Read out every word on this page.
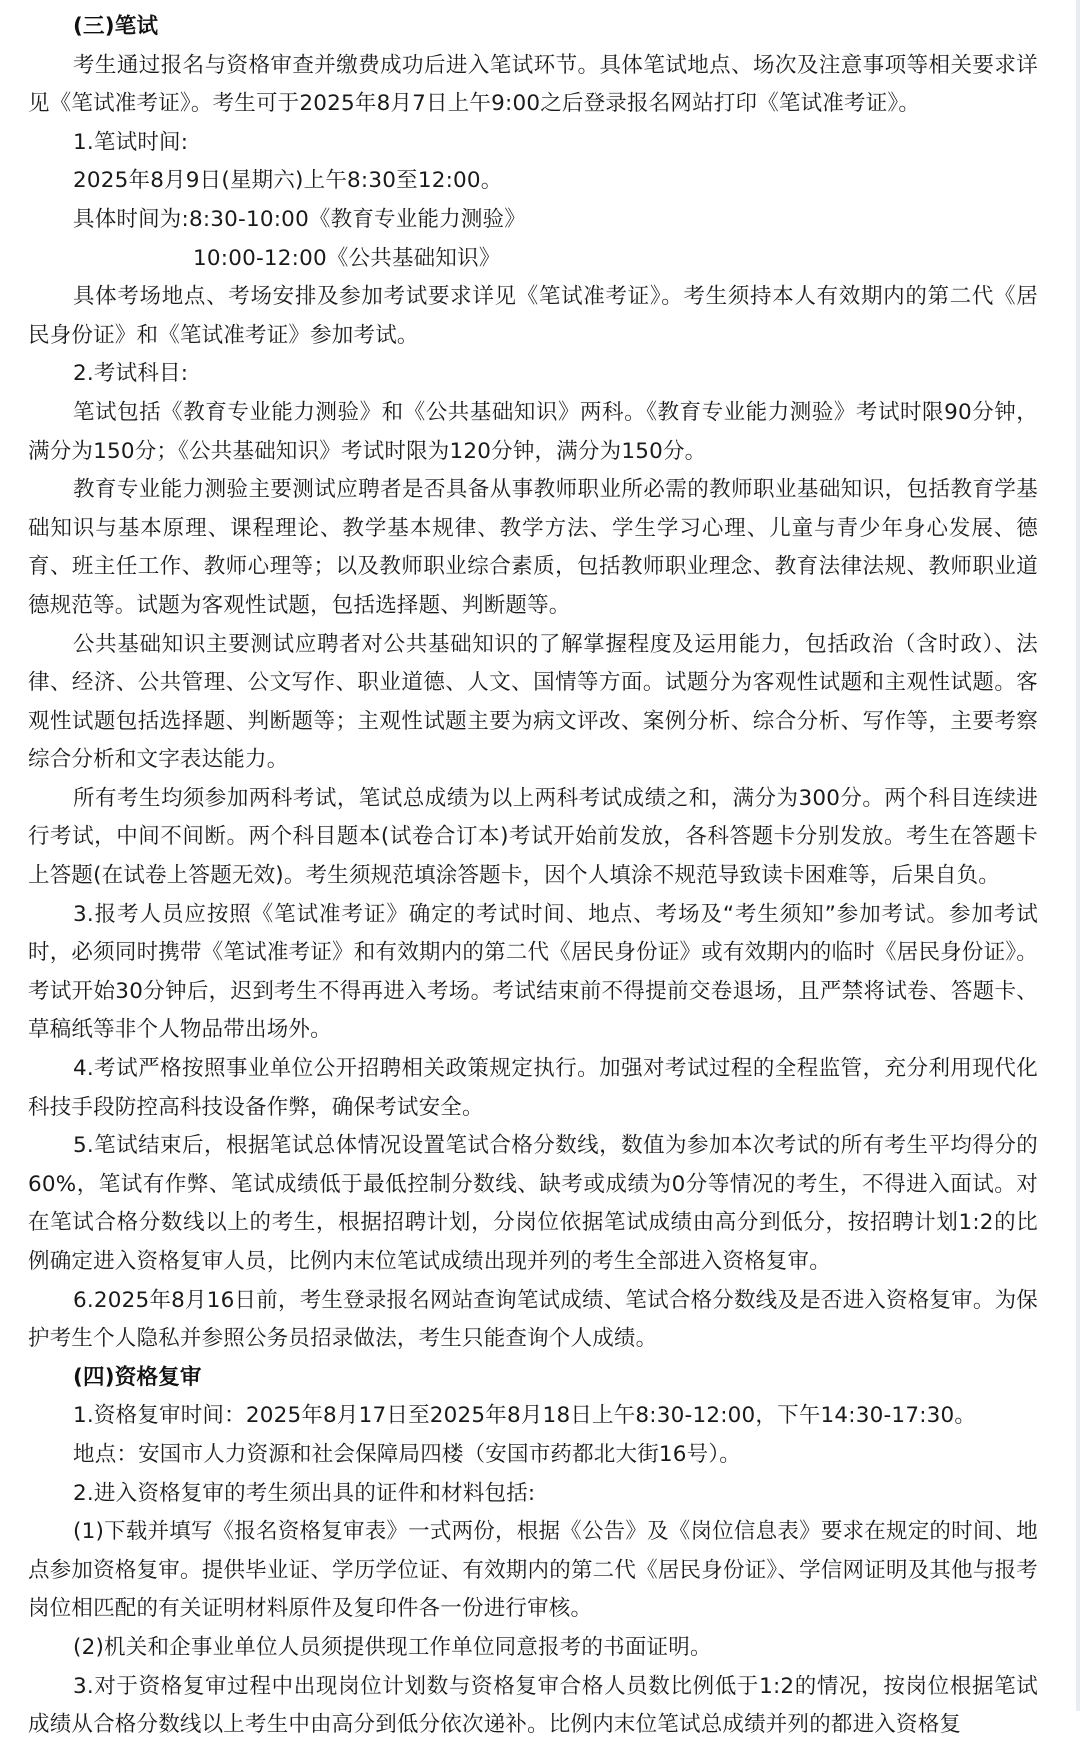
(三)笔试

考生通过报名与资格审查并缴费成功后进入笔试环节。具体笔试地点、场次及注意事项等相关要求详见《笔试准考证》。考生可于2025年8月7日上午9:00之后登录报名网站打印《笔试准考证》。

1.笔试时间:

2025年8月9日(星期六)上午8:30至12:00。

具体时间为:8:30-10:00《教育专业能力测验》

10:00-12:00《公共基础知识》

具体考场地点、考场安排及参加考试要求详见《笔试准考证》。考生须持本人有效期内的第二代《居民身份证》和《笔试准考证》参加考试。

2.考试科目:

笔试包括《教育专业能力测验》和《公共基础知识》两科。《教育专业能力测验》考试时限90分钟，满分为150分；《公共基础知识》考试时限为120分钟，满分为150分。

教育专业能力测验主要测试应聘者是否具备从事教师职业所必需的教师职业基础知识，包括教育学基础知识与基本原理、课程理论、教学基本规律、教学方法、学生学习心理、儿童与青少年身心发展、德育、班主任工作、教师心理等；以及教师职业综合素质，包括教师职业理念、教育法律法规、教师职业道德规范等。试题为客观性试题，包括选择题、判断题等。

公共基础知识主要测试应聘者对公共基础知识的了解掌握程度及运用能力，包括政治（含时政）、法律、经济、公共管理、公文写作、职业道德、人文、国情等方面。试题分为客观性试题和主观性试题。客观性试题包括选择题、判断题等；主观性试题主要为病文评改、案例分析、综合分析、写作等，主要考察综合分析和文字表达能力。

所有考生均须参加两科考试，笔试总成绩为以上两科考试成绩之和，满分为300分。两个科目连续进行考试，中间不间断。两个科目题本(试卷合订本)考试开始前发放，各科答题卡分别发放。考生在答题卡上答题(在试卷上答题无效)。考生须规范填涂答题卡，因个人填涂不规范导致读卡困难等，后果自负。

3.报考人员应按照《笔试准考证》确定的考试时间、地点、考场及“考生须知”参加考试。参加考试时，必须同时携带《笔试准考证》和有效期内的第二代《居民身份证》或有效期内的临时《居民身份证》。考试开始30分钟后，迟到考生不得再进入考场。考试结束前不得提前交卷退场，且严禁将试卷、答题卡、草稿纸等非个人物品带出场外。

4.考试严格按照事业单位公开招聘相关政策规定执行。加强对考试过程的全程监管，充分利用现代化科技手段防控高科技设备作弊，确保考试安全。

5.笔试结束后，根据笔试总体情况设置笔试合格分数线，数值为参加本次考试的所有考生平均得分的60%，笔试有作弊、笔试成绩低于最低控制分数线、缺考或成绩为0分等情况的考生，不得进入面试。对在笔试合格分数线以上的考生，根据招聘计划，分岗位依据笔试成绩由高分到低分，按招聘计划1:2的比例确定进入资格复审人员，比例内末位笔试成绩出现并列的考生全部进入资格复审。

6.2025年8月16日前，考生登录报名网站查询笔试成绩、笔试合格分数线及是否进入资格复审。为保护考生个人隐私并参照公务员招录做法，考生只能查询个人成绩。

(四)资格复审

1.资格复审时间：2025年8月17日至2025年8月18日上午8:30-12:00，下午14:30-17:30。

地点：安国市人力资源和社会保障局四楼（安国市药都北大街16号）。

2.进入资格复审的考生须出具的证件和材料包括:

(1)下载并填写《报名资格复审表》一式两份，根据《公告》及《岗位信息表》要求在规定的时间、地点参加资格复审。提供毕业证、学历学位证、有效期内的第二代《居民身份证》、学信网证明及其他与报考岗位相匹配的有关证明材料原件及复印件各一份进行审核。

(2)机关和企事业单位人员须提供现工作单位同意报考的书面证明。

3.对于资格复审过程中出现岗位计划数与资格复审合格人员数比例低于1:2的情况，按岗位根据笔试成绩从合格分数线以上考生中由高分到低分依次递补。比例内末位笔试总成绩并列的都进入资格复
